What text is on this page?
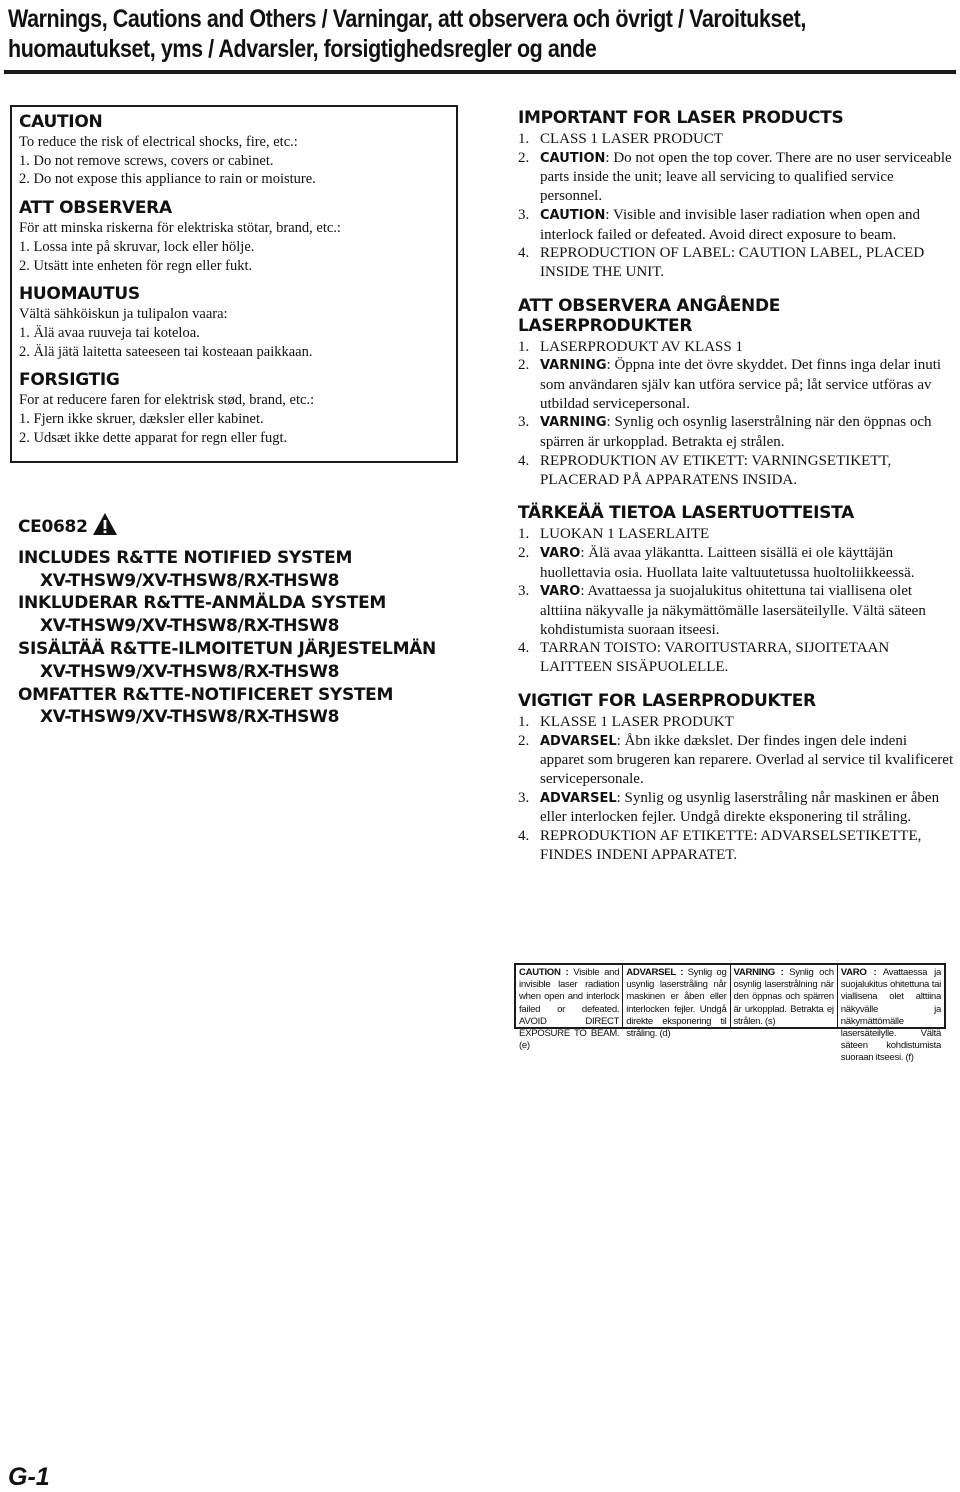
Warnings, Cautions and Others / Varningar, att observera och övrigt / Varoitukset,
huomautukset, yms / Advarsler, forsigtighedsregler og ande
CAUTION
To reduce the risk of electrical shocks, fire, etc.:
1. Do not remove screws, covers or cabinet.
2. Do not expose this appliance to rain or moisture.
ATT OBSERVERA
För att minska riskerna för elektriska stötar, brand, etc.:
1. Lossa inte på skruvar, lock eller hölje.
2. Utsätt inte enheten för regn eller fukt.
HUOMAUTUS
Vältä sähköiskun ja tulipalon vaara:
1. Älä avaa ruuveja tai koteloa.
2. Älä jätä laitetta sateeseen tai kosteaan paikkaan.
FORSIGTIG
For at reducere faren for elektrisk stød, brand, etc.:
1. Fjern ikke skruer, dæksler eller kabinet.
2. Udsæt ikke dette apparat for regn eller fugt.
CE0682
INCLUDES R&TTE NOTIFIED SYSTEM
XV-THSW9/XV-THSW8/RX-THSW8
INKLUDERAR R&TTE-ANMÄLDA SYSTEM
XV-THSW9/XV-THSW8/RX-THSW8
SISÄLTÄÄ R&TTE-ILMOITETUN JÄRJESTELMÄN
XV-THSW9/XV-THSW8/RX-THSW8
OMFATTER R&TTE-NOTIFICERET SYSTEM
XV-THSW9/XV-THSW8/RX-THSW8
IMPORTANT FOR LASER PRODUCTS
1. CLASS 1 LASER PRODUCT
2. CAUTION: Do not open the top cover. There are no user serviceable parts inside the unit; leave all servicing to qualified service personnel.
3. CAUTION: Visible and invisible laser radiation when open and interlock failed or defeated. Avoid direct exposure to beam.
4. REPRODUCTION OF LABEL: CAUTION LABEL, PLACED INSIDE THE UNIT.
ATT OBSERVERA ANGÅENDE LASERPRODUKTER
1. LASERPRODUKT AV KLASS 1
2. VARNING: Öppna inte det övre skyddet. Det finns inga delar inuti som användaren själv kan utföra service på; låt service utföras av utbildad servicepersonal.
3. VARNING: Synlig och osynlig laserstrålning när den öppnas och spärren är urkopplad. Betrakta ej strålen.
4. REPRODUKTION AV ETIKETT: VARNINGSETIKETT, PLACERAD PÅ APPARATENS INSIDA.
TÄRKEÄÄ TIETOA LASERTUOTTEISTA
1. LUOKAN 1 LASERLAITE
2. VARO: Älä avaa yläkantta. Laitteen sisällä ei ole käyttäjän huollettavia osia. Huollata laite valtuutetussa huoltoliikkeessä.
3. VARO: Avattaessa ja suojalukitus ohitettuna tai viallisena olet alttiina näkyvalle ja näkymättömälle lasersäteilylle. Vältä säteen kohdistumista suoraan itseesi.
4. TARRAN TOISTO: VAROITUSTARRA, SIJOITETAAN LAITTEEN SISÄPUOLELLE.
VIGTIGT FOR LASERPRODUKTER
1. KLASSE 1 LASER PRODUKT
2. ADVARSEL: Åbn ikke dækslet. Der findes ingen dele indeni apparet som brugeren kan reparere. Overlad al service til kvalificeret servicepersonale.
3. ADVARSEL: Synlig og usynlig laserstråling når maskinen er åben eller interlocken fejler. Undgå direkte eksponering til stråling.
4. REPRODUKTION AF ETIKETTE: ADVARSELSETIKETTE, FINDES INDENI APPARATET.
CAUTION : Visible and invisible laser radiation when open and interlock failed or defeated. AVOID DIRECT EXPOSURE TO BEAM. (e)
ADVARSEL : Synlig og usynlig laserstråling når maskinen er åben eller interlocken fejler. Undgå direkte eksponering til stråling. (d)
VARNING : Synlig och osynlig laserstrålning när den öppnas och spärren är urkopplad. Betrakta ej strålen. (s)
VARO : Avattaessa ja suojalukitus ohitettuna tai viallisena olet alttiina näkyvälle ja näkymättömälle lasersäteilylle. Vältä säteen kohdistumista suoraan itseesi. (f)
G-1
